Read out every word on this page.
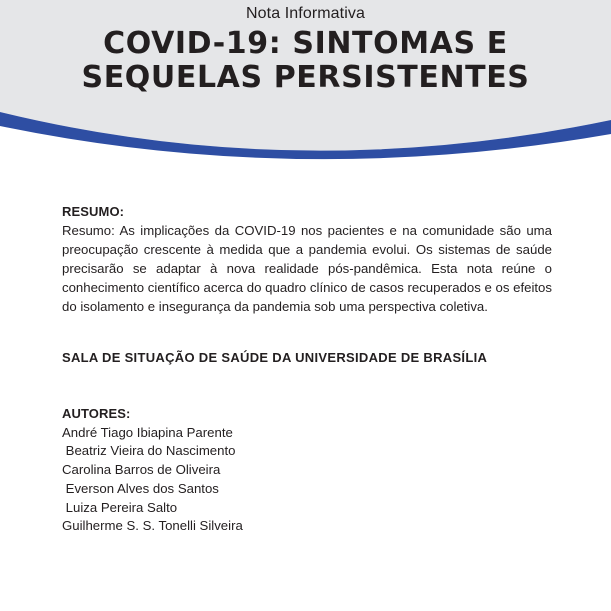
Nota Informativa
COVID-19: SINTOMAS E
SEQUELAS PERSISTENTES
RESUMO:
Resumo: As implicações da COVID-19 nos pacientes e na comunidade são uma preocupação crescente à medida que a pandemia evolui. Os sistemas de saúde precisarão se adaptar à nova realidade pós-pandêmica. Esta nota reúne o conhecimento científico acerca do quadro clínico de casos recuperados e os efeitos do isolamento e insegurança da pandemia sob uma perspectiva coletiva.
SALA DE SITUAÇÃO DE SAÚDE DA UNIVERSIDADE DE BRASÍLIA
AUTORES:
André Tiago Ibiapina Parente
Beatriz Vieira do Nascimento
Carolina Barros de Oliveira
Everson Alves dos Santos
Luiza Pereira Salto
Guilherme S. S. Tonelli Silveira
